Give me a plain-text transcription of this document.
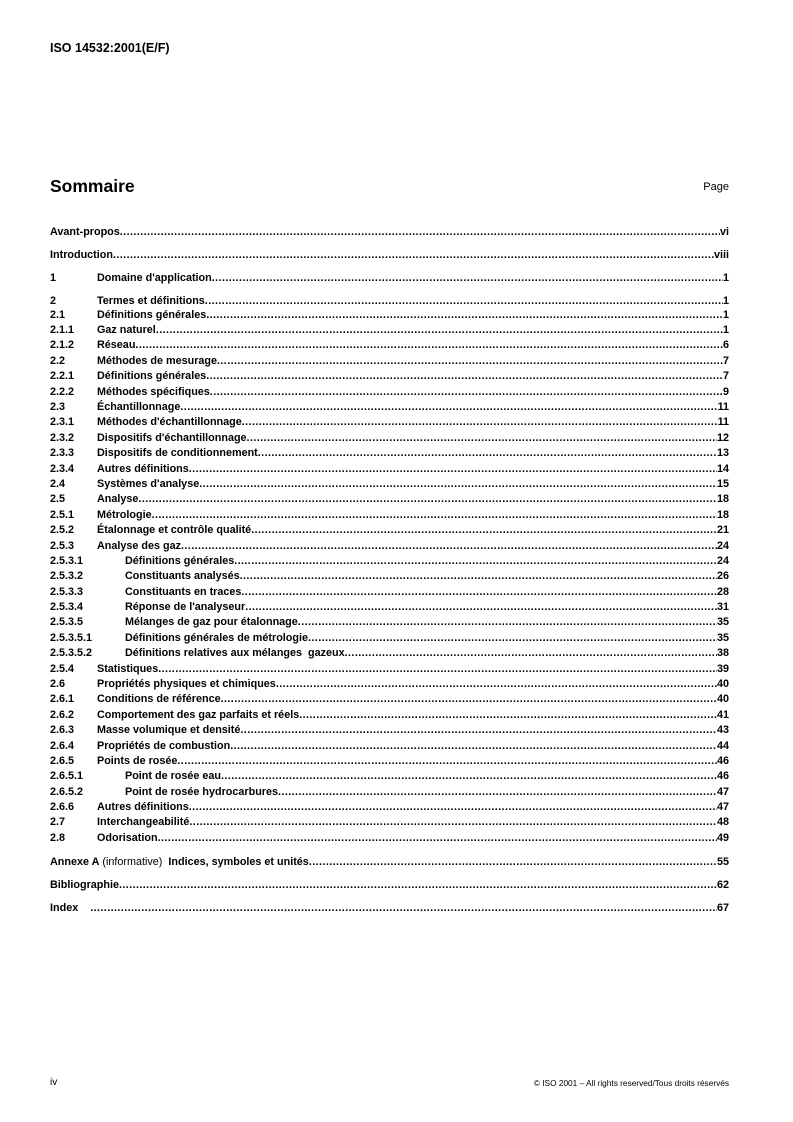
ISO 14532:2001(E/F)
Sommaire	Page
Avant-propos .....	vi
Introduction .....	viii
1	Domaine d'application .....	1
2	Termes et définitions .....	1
2.1	Définitions générales .....	1
2.1.1 Gaz naturel .....	1
2.1.2 Réseau .....	6
2.2	Méthodes de mesurage .....	7
2.2.1 Définitions générales .....	7
2.2.2 Méthodes spécifiques .....	9
2.3	Échantillonnage .....	11
2.3.1 Méthodes d'échantillonnage .....	11
2.3.2 Dispositifs d'échantillonnage .....	12
2.3.3 Dispositifs de conditionnement .....	13
2.3.4 Autres définitions .....	14
2.4	Systèmes d'analyse .....	15
2.5	Analyse .....	18
2.5.1 Métrologie .....	18
2.5.2 Étalonnage et contrôle qualité .....	21
2.5.3 Analyse des gaz .....	24
2.5.3.1	Définitions générales .....	24
2.5.3.2	Constituants analysés .....	26
2.5.3.3	Constituants en traces .....	28
2.5.3.4	Réponse de l'analyseur .....	31
2.5.3.5	Mélanges de gaz pour étalonnage .....	35
2.5.3.5.1	Définitions générales de métrologie .....	35
2.5.3.5.2	Définitions relatives aux mélanges  gazeux .....	38
2.5.4 Statistiques .....	39
2.6	Propriétés physiques et chimiques .....	40
2.6.1 Conditions de référence .....	40
2.6.2 Comportement des gaz parfaits et réels .....	41
2.6.3 Masse volumique et densité .....	43
2.6.4 Propriétés de combustion .....	44
2.6.5 Points de rosée .....	46
2.6.5.1	Point de rosée eau .....	46
2.6.5.2	Point de rosée hydrocarbures .....	47
2.6.6 Autres définitions .....	47
2.7	Interchangeabilité .....	48
2.8	Odorisation .....	49
Annexe A (informative)  Indices, symboles et unités .....	55
Bibliographie .....	62
Index .....	67
iv	© ISO 2001 – All rights reserved/Tous droits réservés
